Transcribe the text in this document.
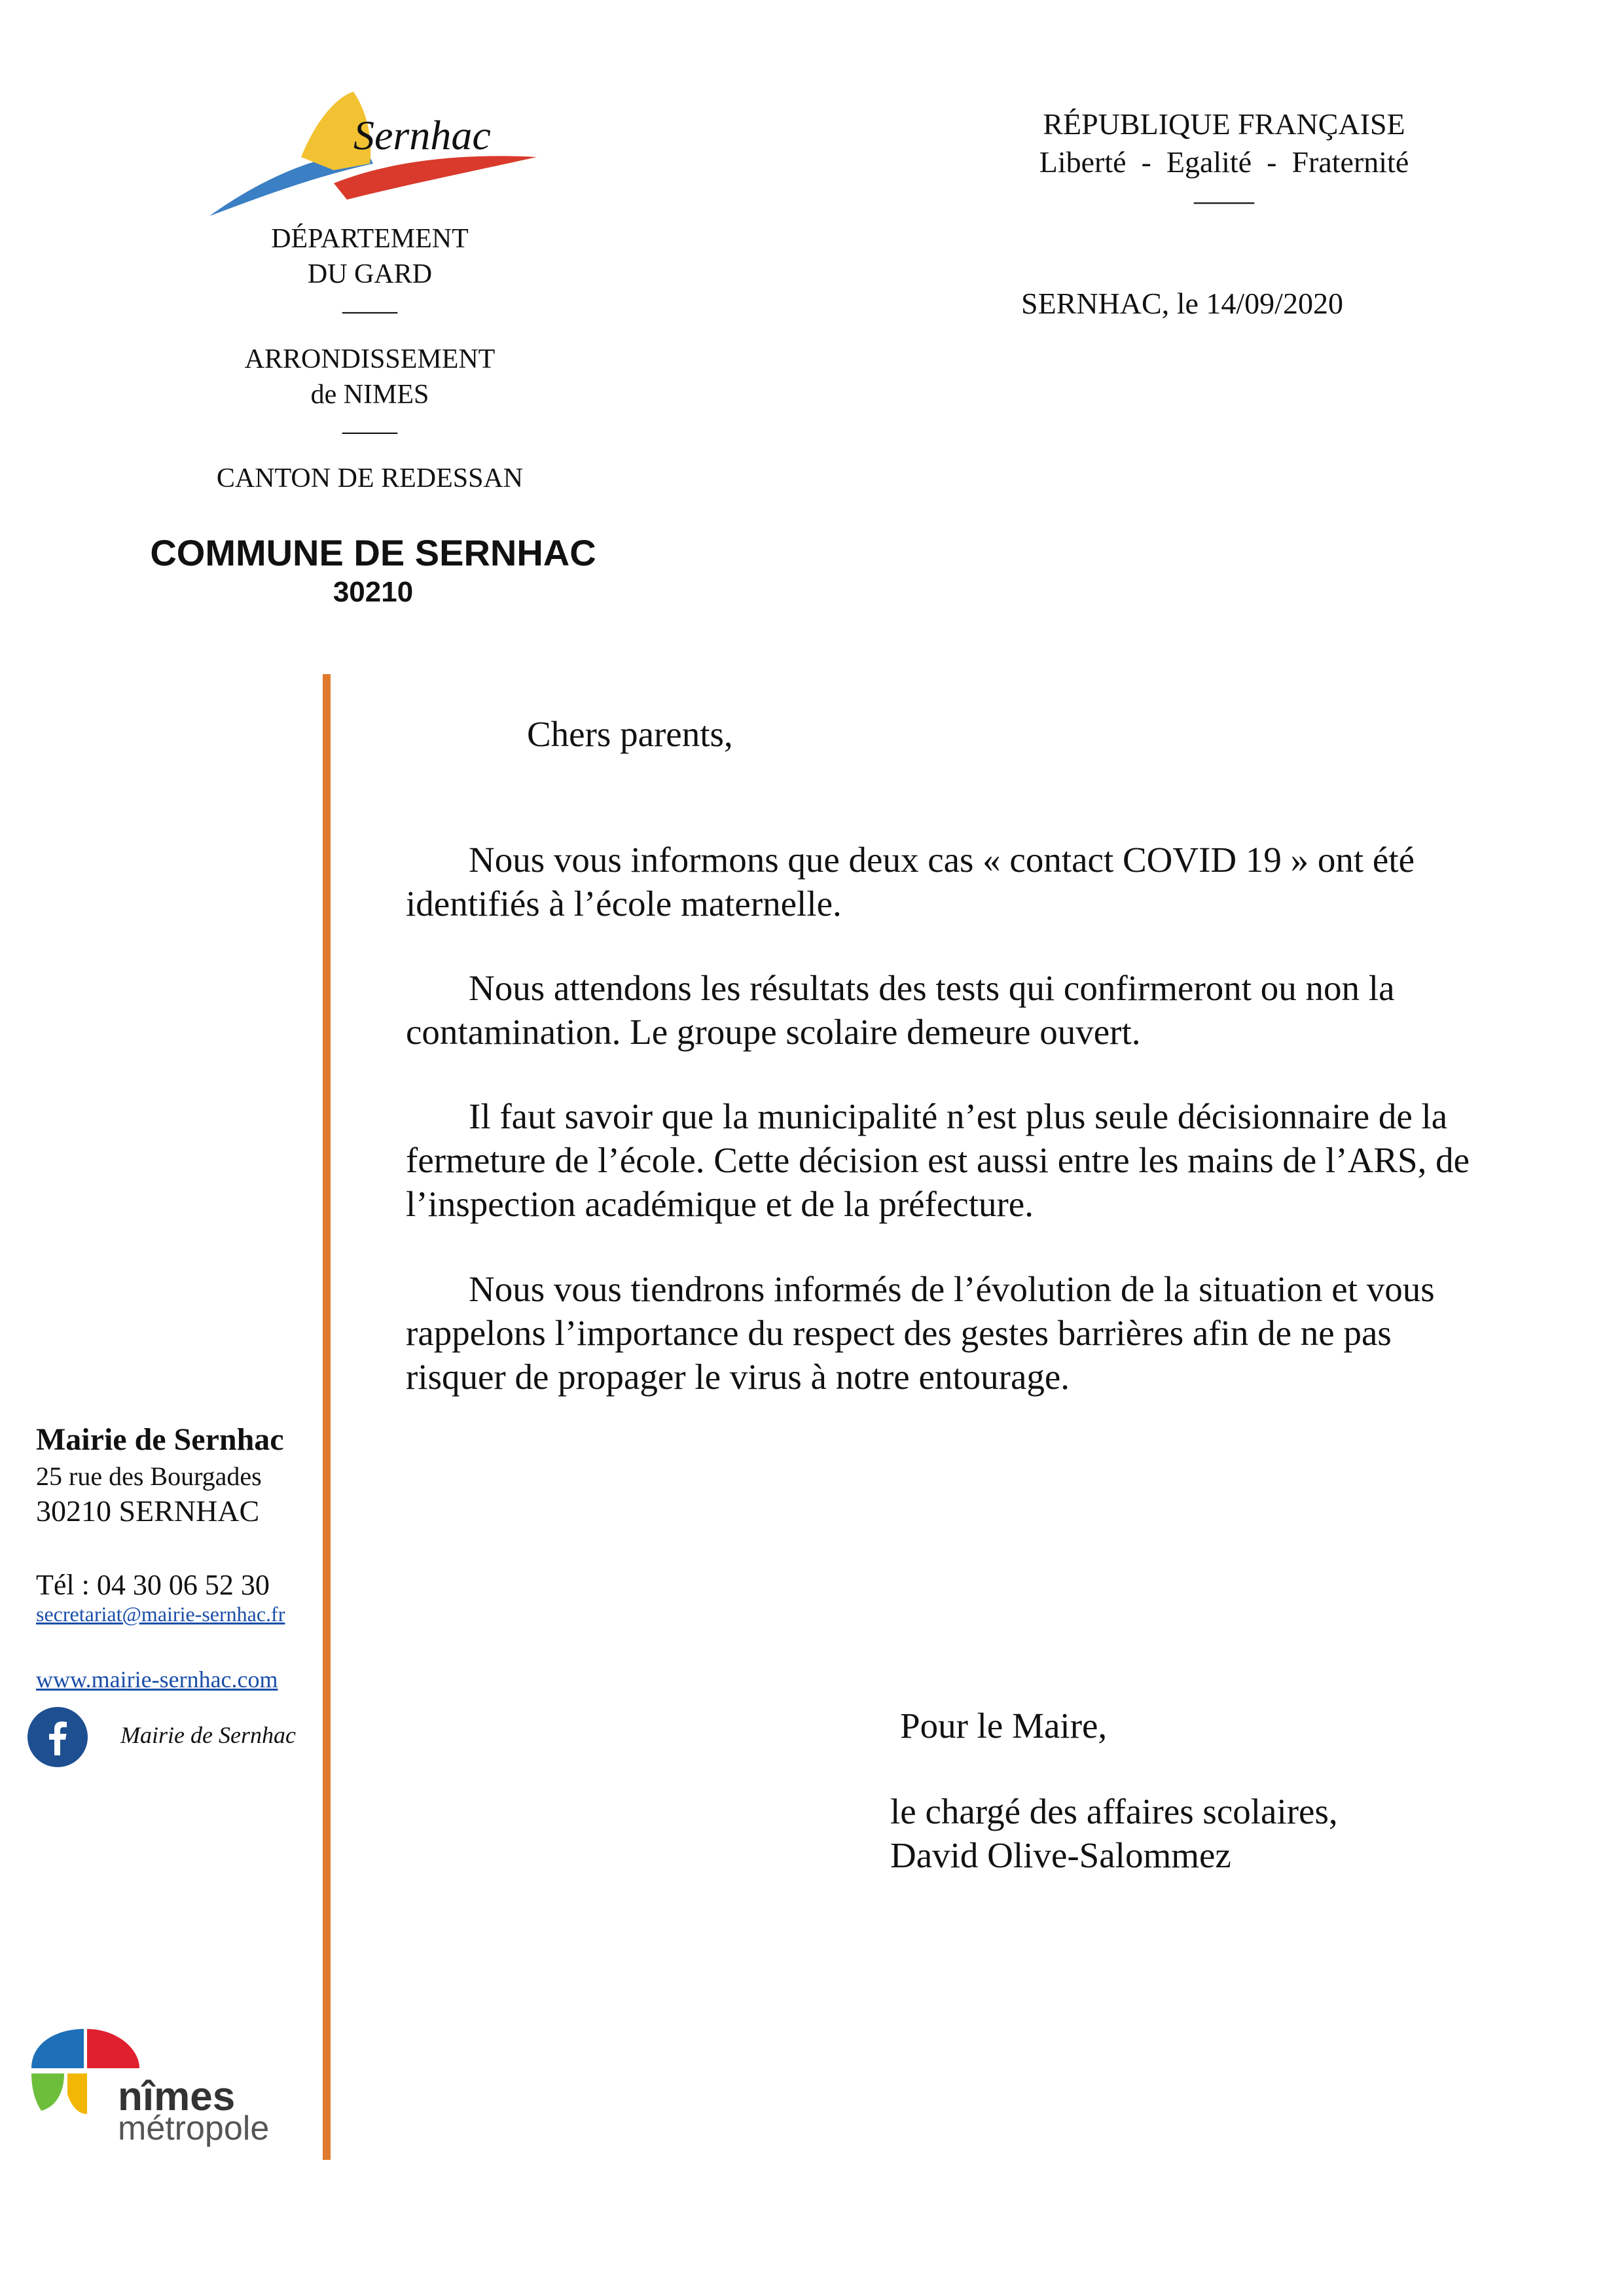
Sernhac
DÉPARTEMENT
DU GARD
——
ARRONDISSEMENT
de NIMES
——
CANTON DE REDESSAN
COMMUNE DE SERNHAC
30210
RÉPUBLIQUE FRANÇAISE
Liberté  -  Egalité  -  Fraternité
——
SERNHAC, le 14/09/2020
Chers parents,
Nous vous informons que deux cas « contact COVID 19 » ont été identifiés à l’école maternelle.
Nous attendons les résultats des tests qui confirmeront ou non la contamination. Le groupe scolaire demeure ouvert.
Il faut savoir que la municipalité n’est plus seule décisionnaire de la fermeture de l’école. Cette décision est aussi entre les mains de l’ARS, de l’inspection académique et de la préfecture.
Nous vous tiendrons informés de l’évolution de la situation et vous rappelons l’importance du respect des gestes barrières afin de ne pas risquer de propager le virus à notre entourage.
Pour le Maire,
le chargé des affaires scolaires,
David Olive-Salommez
Mairie de Sernhac
25 rue des Bourgades
30210 SERNHAC
Tél : 04 30 06 52 30
secretariat@mairie-sernhac.fr
www.mairie-sernhac.com
Mairie de Sernhac
nîmes
métropole
